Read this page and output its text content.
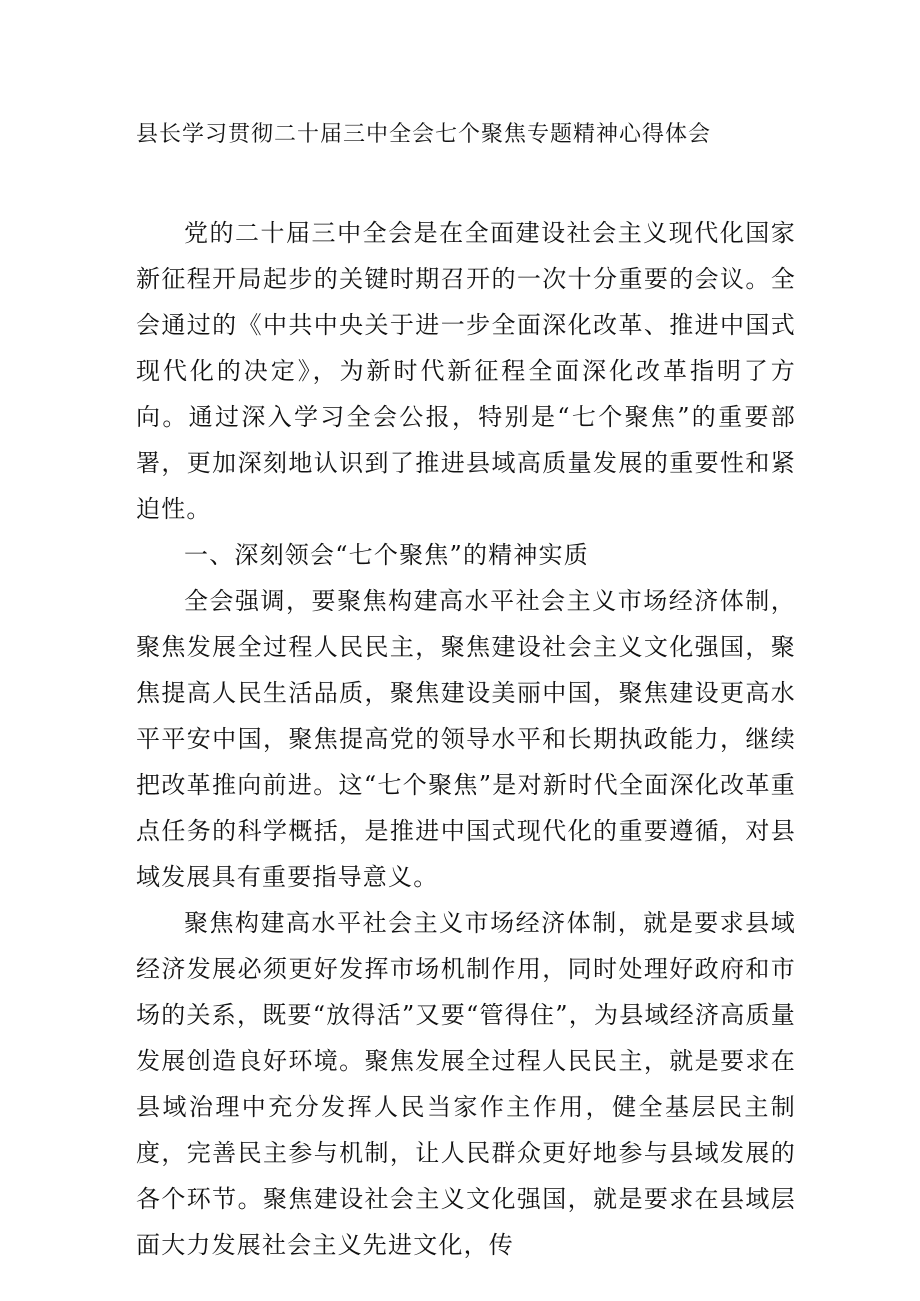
县长学习贯彻二十届三中全会七个聚焦专题精神心得体会

党的二十届三中全会是在全面建设社会主义现代化国家新征程开局起步的关键时期召开的一次十分重要的会议。全会通过的《中共中央关于进一步全面深化改革、推进中国式现代化的决定》，为新时代新征程全面深化改革指明了方向。通过深入学习全会公报，特别是“七个聚焦”的重要部署，更加深刻地认识到了推进县域高质量发展的重要性和紧迫性。

一、深刻领会“七个聚焦”的精神实质

全会强调，要聚焦构建高水平社会主义市场经济体制，聚焦发展全过程人民民主，聚焦建设社会主义文化强国，聚焦提高人民生活品质，聚焦建设美丽中国，聚焦建设更高水平平安中国，聚焦提高党的领导水平和长期执政能力，继续把改革推向前进。这“七个聚焦”是对新时代全面深化改革重点任务的科学概括，是推进中国式现代化的重要遵循，对县域发展具有重要指导意义。

聚焦构建高水平社会主义市场经济体制，就是要求县域经济发展必须更好发挥市场机制作用，同时处理好政府和市场的关系，既要“放得活”又要“管得住”，为县域经济高质量发展创造良好环境。聚焦发展全过程人民民主，就是要求在县域治理中充分发挥人民当家作主作用，健全基层民主制度，完善民主参与机制，让人民群众更好地参与县域发展的各个环节。聚焦建设社会主义文化强国，就是要求在县域层面大力发展社会主义先进文化，传
